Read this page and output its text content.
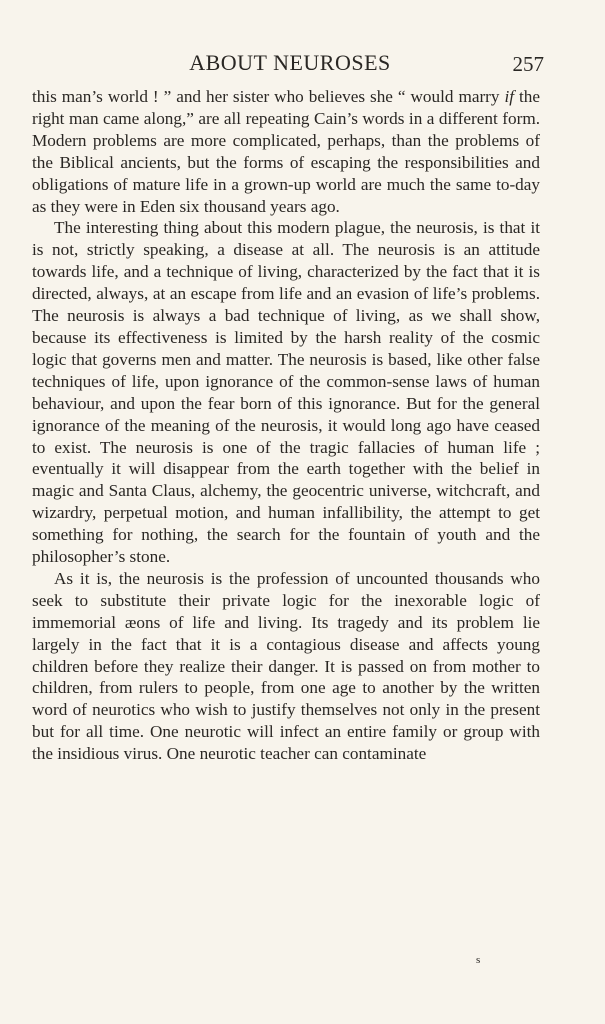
ABOUT NEUROSES	257

this man’s world ! ” and her sister who believes she “ would marry if the right man came along,” are all repeating Cain’s words in a different form. Modern problems are more complicated, perhaps, than the problems of the Biblical ancients, but the forms of escaping the responsibilities and obligations of mature life in a grown-up world are much the same to-day as they were in Eden six thousand years ago.

The interesting thing about this modern plague, the neurosis, is that it is not, strictly speaking, a disease at all. The neurosis is an attitude towards life, and a technique of living, characterized by the fact that it is directed, always, at an escape from life and an evasion of life’s problems. The neurosis is always a bad technique of living, as we shall show, because its effectiveness is limited by the harsh reality of the cosmic logic that governs men and matter. The neurosis is based, like other false techniques of life, upon ignorance of the common-sense laws of human behaviour, and upon the fear born of this ignorance. But for the general ignorance of the meaning of the neurosis, it would long ago have ceased to exist. The neurosis is one of the tragic fallacies of human life ; eventually it will disappear from the earth together with the belief in magic and Santa Claus, alchemy, the geocentric universe, witchcraft, and wizardry, perpetual motion, and human infallibility, the attempt to get something for nothing, the search for the fountain of youth and the philosopher’s stone.

As it is, the neurosis is the profession of uncounted thousands who seek to substitute their private logic for the inexorable logic of immemorial æons of life and living. Its tragedy and its problem lie largely in the fact that it is a contagious disease and affects young children before they realize their danger. It is passed on from mother to children, from rulers to people, from one age to another by the written word of neurotics who wish to justify themselves not only in the present but for all time. One neurotic will infect an entire family or group with the insidious virus. One neurotic teacher can contaminate

s
